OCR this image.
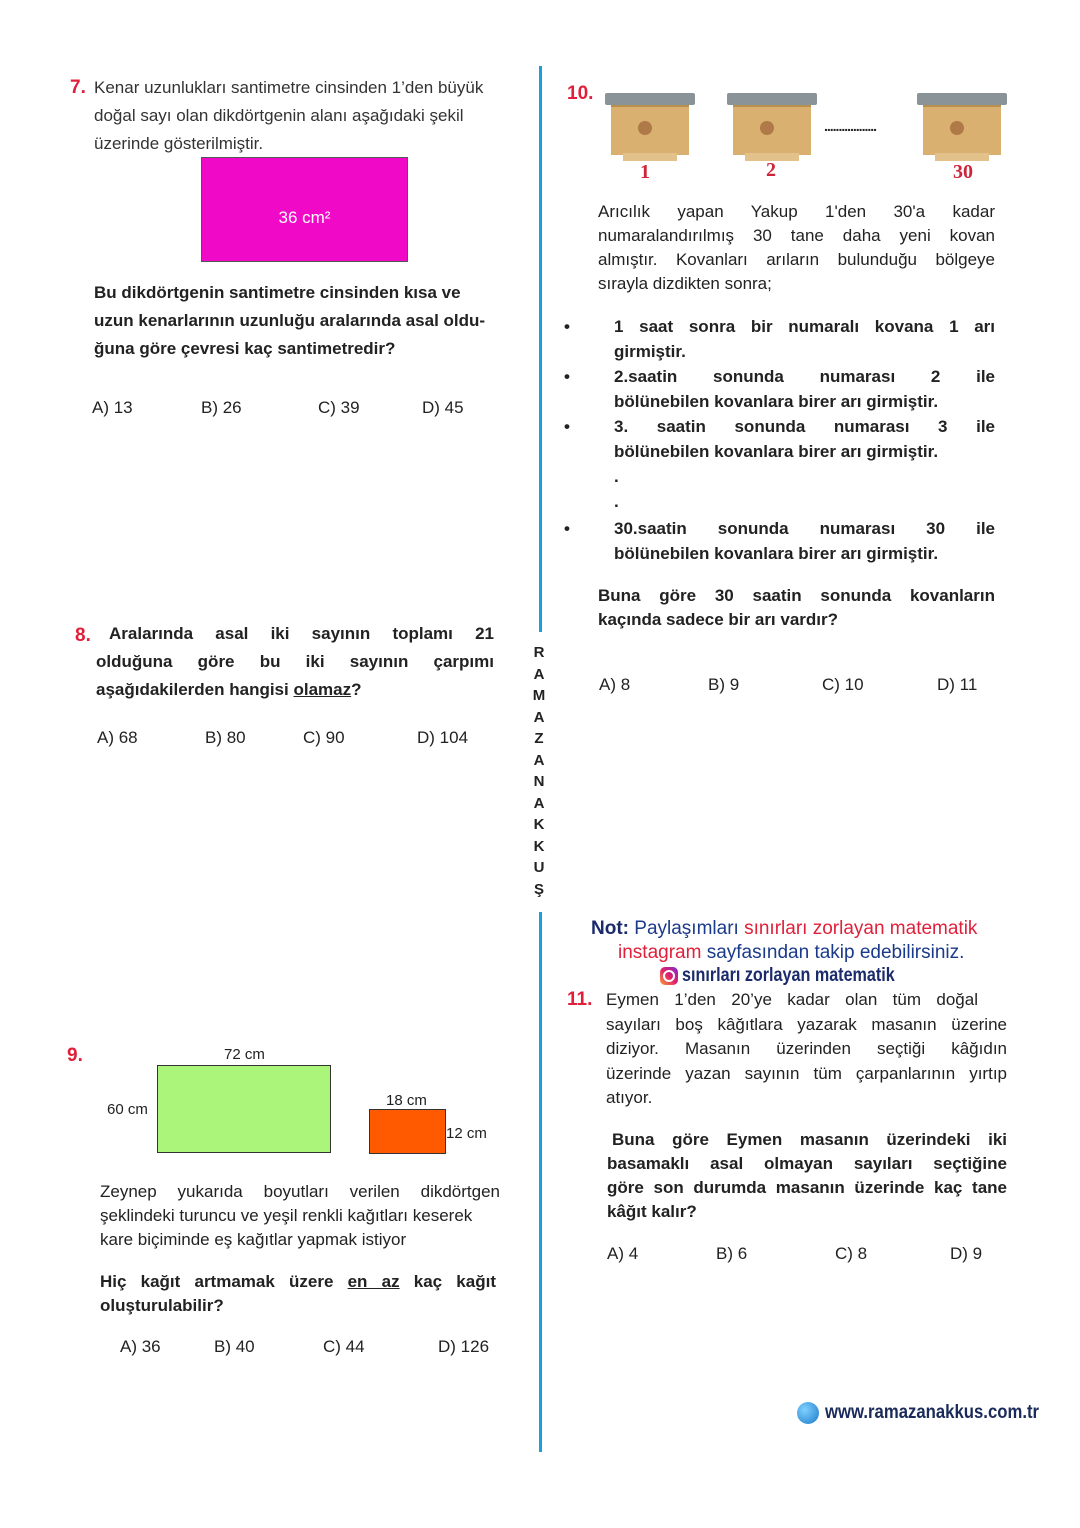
7. Kenar uzunlukları santimetre cinsinden 1’den büyük
doğal sayı olan dikdörtgenin alanı aşağıdaki şekil
üzerinde gösterilmiştir.
36 cm²
Bu dikdörtgenin santimetre cinsinden kısa ve
uzun kenarlarının uzunluğu aralarında asal oldu-
ğuna göre çevresi kaç santimetredir?
A) 13	B) 26	C) 39	D) 45
8.	Aralarında asal iki sayının toplamı 21
olduğuna göre bu iki sayının çarpımı
aşağıdakilerden hangisi olamaz?
A) 68	B) 80	C) 90	D) 104
9.	72 cm
60 cm
18 cm
12 cm
Zeynep yukarıda boyutları verilen dikdörtgen
şeklindeki turuncu ve yeşil renkli kağıtları keserek
kare biçiminde eş kağıtlar yapmak istiyor
Hiç kağıt artmamak üzere en az kaç kağıt
oluşturulabilir?
A) 36	B) 40	C) 44	D) 126
R
A
M
A
Z
A
N
A
K
K
U
Ş
10.
..................
1	2	30
Arıcılık yapan Yakup 1'den 30'a kadar
numaralandırılmış 30 tane daha yeni kovan
almıştır. Kovanları arıların bulunduğu bölgeye
sırayla dizdikten sonra;
• 1 saat sonra bir numaralı kovana 1 arı
girmiştir.
• 2.saatin sonunda numarası 2 ile
bölünebilen kovanlara birer arı girmiştir.
• 3. saatin sonunda numarası 3 ile
bölünebilen kovanlara birer arı girmiştir.
.
.
• 30.saatin sonunda numarası 30 ile
bölünebilen kovanlara birer arı girmiştir.
Buna göre 30 saatin sonunda kovanların
kaçında sadece bir arı vardır?
A) 8	B) 9	C) 10	D) 11
Not: Paylaşımları sınırları zorlayan matematik
instagram sayfasından takip edebilirsiniz.
sınırları zorlayan matematik
11. Eymen 1’den 20’ye kadar olan tüm doğal
sayıları boş kâğıtlara yazarak masanın üzerine
diziyor. Masanın üzerinden seçtiği kâğıdın
üzerinde yazan sayının tüm çarpanlarının yırtıp
atıyor.
Buna göre Eymen masanın üzerindeki iki
basamaklı asal olmayan sayıları seçtiğine
göre son durumda masanın üzerinde kaç tane
kâğıt kalır?
A) 4	B) 6	C) 8	D) 9
www.ramazanakkus.com.tr
